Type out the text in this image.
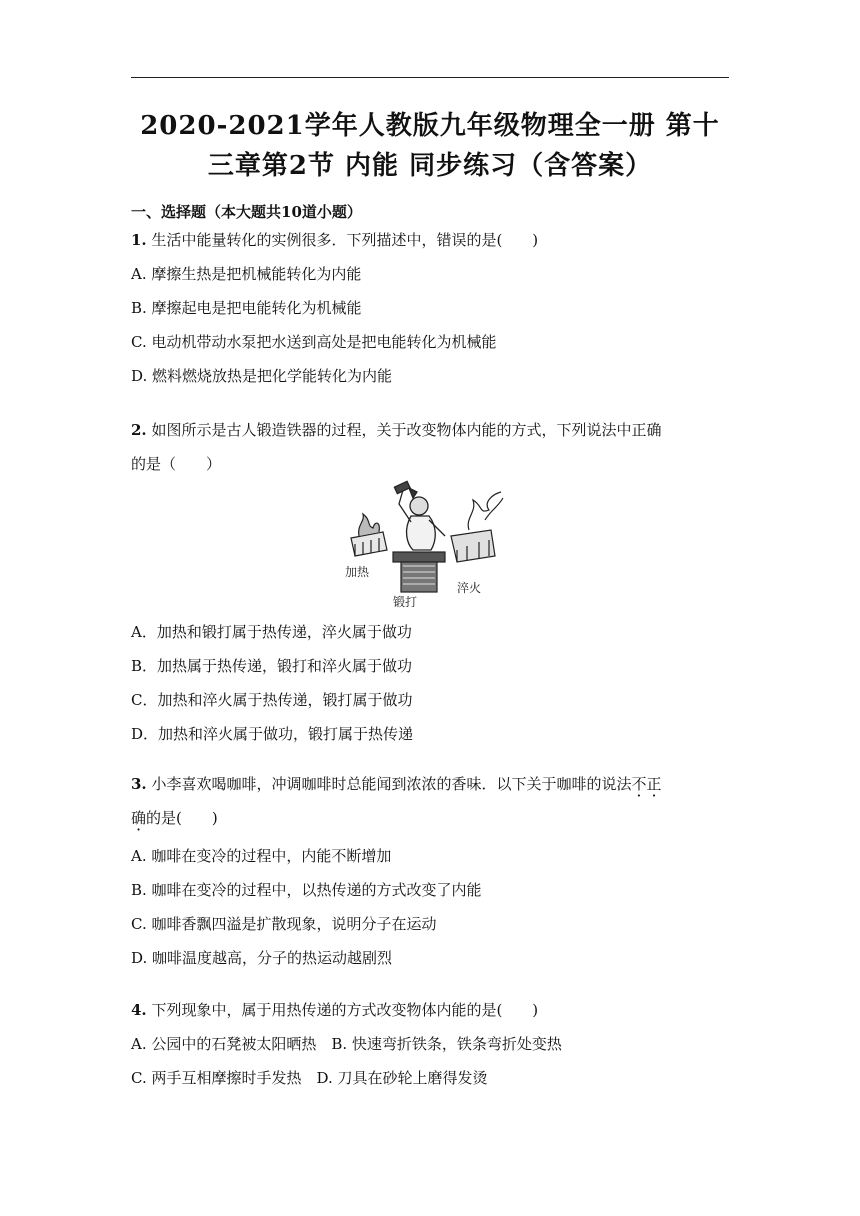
2020-2021学年人教版九年级物理全一册 第十
三章第2节 内能 同步练习（含答案）
一、选择题（本大题共10道小题）
1. 生活中能量转化的实例很多．下列描述中，错误的是(　　)
A. 摩擦生热是把机械能转化为内能
B. 摩擦起电是把电能转化为机械能
C. 电动机带动水泵把水送到高处是把电能转化为机械能
D. 燃料燃烧放热是把化学能转化为内能
2. 如图所示是古人锻造铁器的过程，关于改变物体内能的方式，下列说法中正确
的是（　　）
加热
锻打
淬火
A．加热和锻打属于热传递，淬火属于做功
B．加热属于热传递，锻打和淬火属于做功
C．加热和淬火属于热传递，锻打属于做功
D．加热和淬火属于做功，锻打属于热传递
3. 小李喜欢喝咖啡，冲调咖啡时总能闻到浓浓的香味．以下关于咖啡的说法不正
确的是(　　)
A. 咖啡在变冷的过程中，内能不断增加
B. 咖啡在变冷的过程中，以热传递的方式改变了内能
C. 咖啡香飘四溢是扩散现象，说明分子在运动
D. 咖啡温度越高，分子的热运动越剧烈
4. 下列现象中，属于用热传递的方式改变物体内能的是(　　)
A. 公园中的石凳被太阳晒热　B. 快速弯折铁条，铁条弯折处变热
C. 两手互相摩擦时手发热　D. 刀具在砂轮上磨得发烫
